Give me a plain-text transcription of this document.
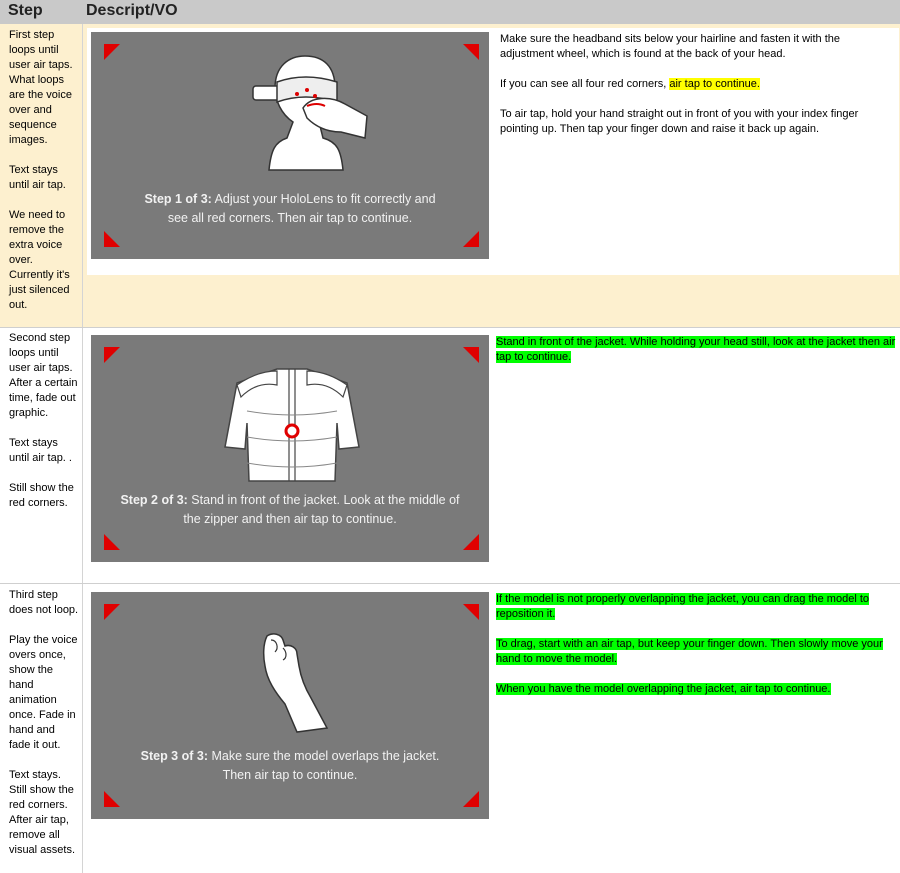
Step	Descript/VO

First step loops until user air taps. What loops are the voice over and sequence images.

Text stays until air tap.

We need to remove the extra voice over. Currently it's just silenced out.

Step 1 of 3: Adjust your HoloLens to fit correctly and
see all red corners. Then air tap to continue.

Make sure the headband sits below your hairline and fasten it with the adjustment wheel, which is found at the back of your head.

If you can see all four red corners, air tap to continue.

To air tap, hold your hand straight out in front of you with your index finger pointing up. Then tap your finger down and raise it back up again.

Second step loops until user air taps. After a certain time, fade out graphic.

Text stays until air tap. .

Still show the red corners.	Step 2 of 3: Stand in front of the jacket. Look at the middle of
the zipper and then air tap to continue.

Stand in front of the jacket. While holding your head still, look at the jacket then air tap to continue.

Third step does not loop.

Play the voice overs once, show the hand animation once. Fade in hand and fade it out.

Text stays. Still show the red corners. After air tap, remove all visual assets.

Step 3 of 3: Make sure the model overlaps the jacket.
Then air tap to continue.

If the model is not properly overlapping the jacket, you can drag the model to reposition it.

To drag, start with an air tap, but keep your finger down. Then slowly move your hand to move the model.

When you have the model overlapping the jacket, air tap to continue.
